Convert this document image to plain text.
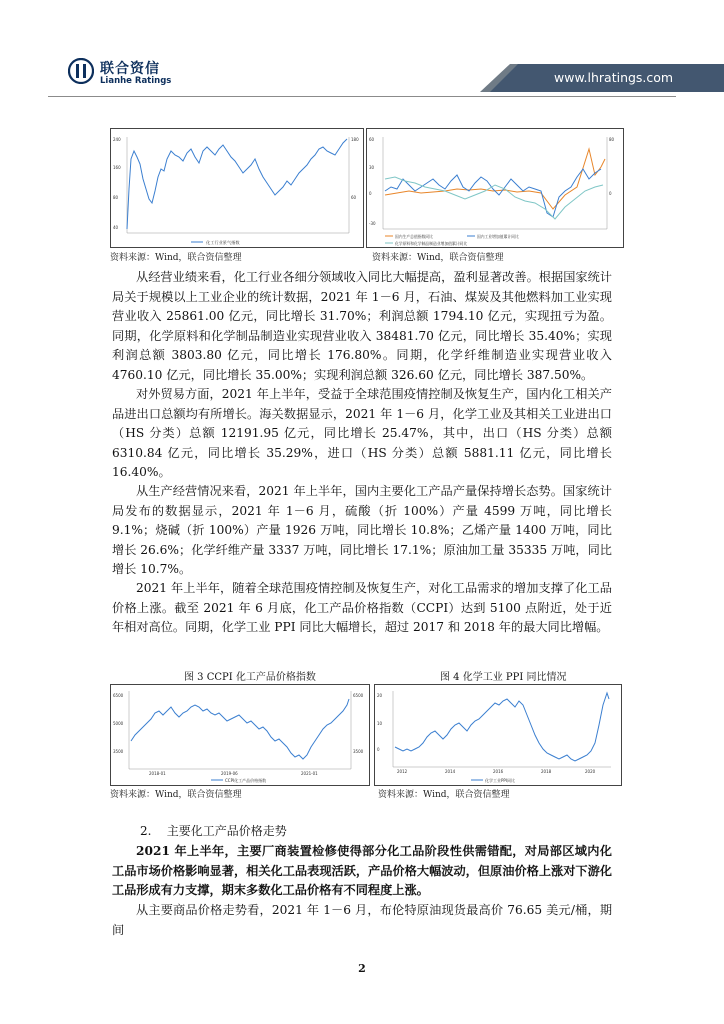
联合资信
Lianhe Ratings	www.lhratings.com
240
160
80
40
180
60
化工行业景气指数
资料来源：Wind，联合资信整理
60
30
0
-30
80
0
国内生产总值指数同比	国内工业增加值累计同比
化学原料和化学制品制造业增加值累计同比
资料来源：Wind，联合资信整理

从经营业绩来看，化工行业各细分领域收入同比大幅提高，盈利显著改善。根据国家统计局关于规模以上工业企业的统计数据，2021 年 1－6 月，石油、煤炭及其他燃料加工业实现营业收入 25861.00 亿元，同比增长 31.70%；利润总额 1794.10 亿元，实现扭亏为盈。同期，化学原料和化学制品制造业实现营业收入 38481.70 亿元，同比增长 35.40%；实现利润总额 3803.80 亿元，同比增长 176.80%。同期，化学纤维制造业实现营业收入 4760.10 亿元，同比增长 35.00%；实现利润总额 326.60 亿元，同比增长 387.50%。

对外贸易方面，2021 年上半年，受益于全球范围疫情控制及恢复生产，国内化工相关产品进出口总额均有所增长。海关数据显示，2021 年 1－6 月，化学工业及其相关工业进出口（HS 分类）总额 12191.95 亿元，同比增长 25.47%，其中，出口（HS 分类）总额 6310.84 亿元，同比增长 35.29%，进口（HS 分类）总额 5881.11 亿元，同比增长 16.40%。

从生产经营情况来看，2021 年上半年，国内主要化工产品产量保持增长态势。国家统计局发布的数据显示，2021 年 1－6 月，硫酸（折 100%）产量 4599 万吨，同比增长 9.1%；烧碱（折 100%）产量 1926 万吨，同比增长 10.8%；乙烯产量 1400 万吨，同比增长 26.6%；化学纤维产量 3337 万吨，同比增长 17.1%；原油加工量 35335 万吨，同比增长 10.7%。

2021 年上半年，随着全球范围疫情控制及恢复生产，对化工品需求的增加支撑了化工品价格上涨。截至 2021 年 6 月底，化工产品价格指数（CCPI）达到 5100 点附近，处于近年相对高位。同期，化学工业 PPI 同比大幅增长，超过 2017 和 2018 年的最大同比增幅。

图 3 CCPI 化工产品价格指数
6500
5000
3500
6500
3500
2018-01	2019-06	2021-01
CCPI化工产品价格指数
资料来源：Wind，联合资信整理
图 4 化学工业 PPI 同比情况
20
10
0
2012	2014	2016	2018	2020
化学工业PPI同比
资料来源：Wind，联合资信整理
2. 主要化工产品价格走势

2021 年上半年，主要厂商装置检修使得部分化工品阶段性供需错配，对局部区域内化工品市场价格影响显著，相关化工品表现活跃，产品价格大幅波动，但原油价格上涨对下游化工品形成有力支撑，期末多数化工品价格有不同程度上涨。

从主要商品价格走势看，2021 年 1－6 月，布伦特原油现货最高价 76.65 美元/桶，期间

2
